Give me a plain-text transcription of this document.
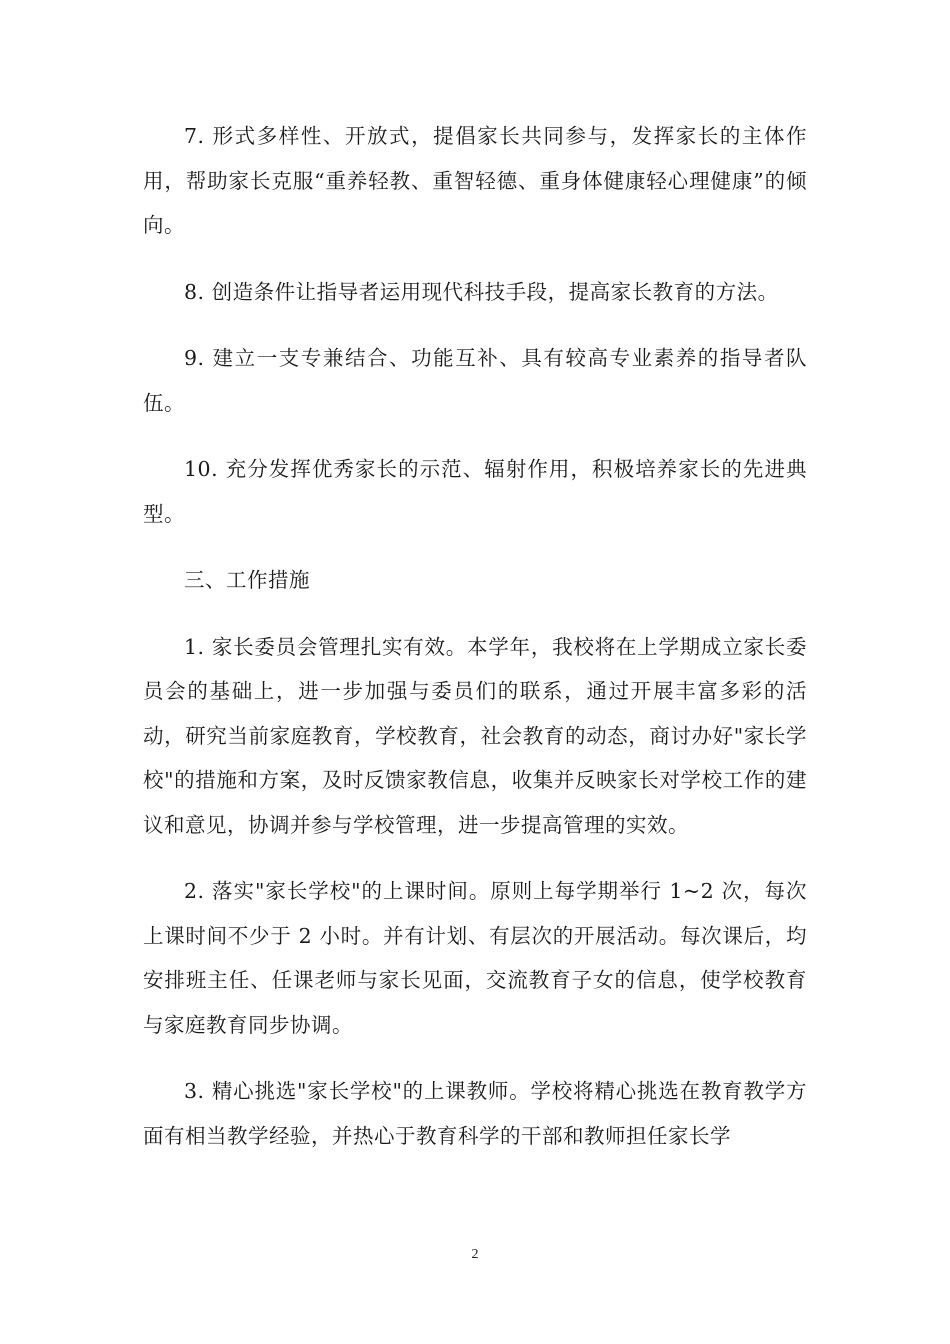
7. 形式多样性、开放式，提倡家长共同参与，发挥家长的主体作用，帮助家长克服“重养轻教、重智轻德、重身体健康轻心理健康”的倾向。

8. 创造条件让指导者运用现代科技手段，提高家长教育的方法。

9. 建立一支专兼结合、功能互补、具有较高专业素养的指导者队伍。

10. 充分发挥优秀家长的示范、辐射作用，积极培养家长的先进典型。

三、工作措施

1. 家长委员会管理扎实有效。本学年，我校将在上学期成立家长委员会的基础上，进一步加强与委员们的联系，通过开展丰富多彩的活动，研究当前家庭教育，学校教育，社会教育的动态，商讨办好"家长学校"的措施和方案，及时反馈家教信息，收集并反映家长对学校工作的建议和意见，协调并参与学校管理，进一步提高管理的实效。

2. 落实"家长学校"的上课时间。原则上每学期举行 1~2 次，每次上课时间不少于 2 小时。并有计划、有层次的开展活动。每次课后，均安排班主任、任课老师与家长见面，交流教育子女的信息，使学校教育与家庭教育同步协调。

3. 精心挑选"家长学校"的上课教师。学校将精心挑选在教育教学方面有相当教学经验，并热心于教育科学的干部和教师担任家长学

2
